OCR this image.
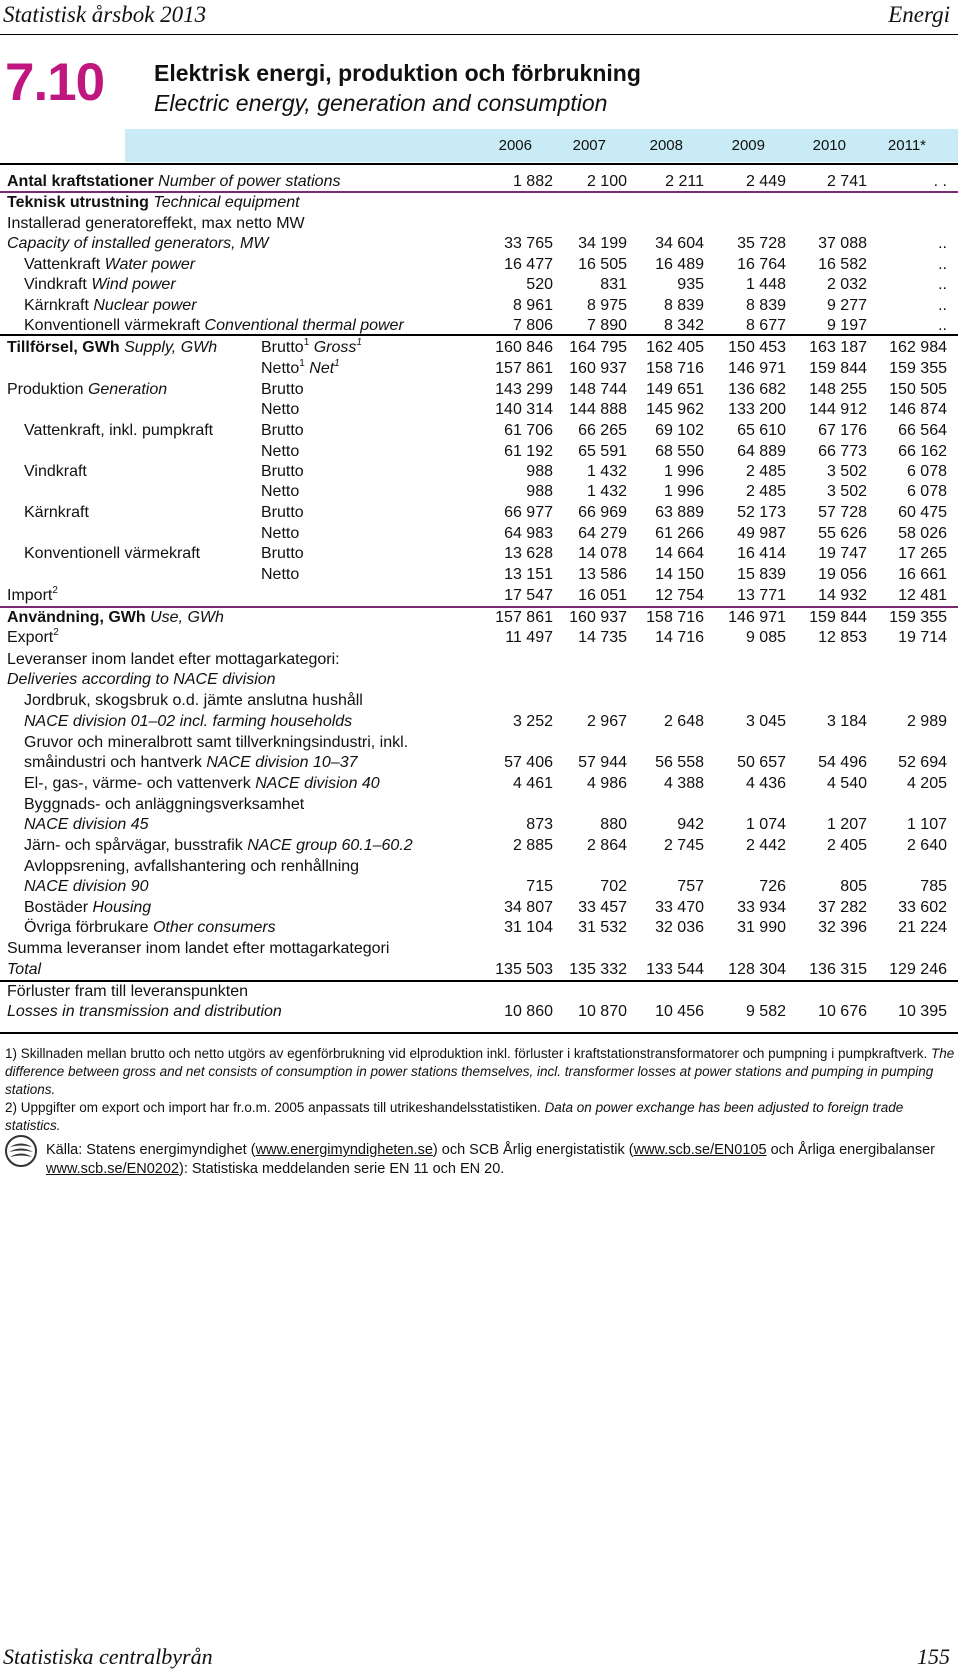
Statistisk årsbok 2013	Energi
7.10 Elektrisk energi, produktion och förbrukning
Electric energy, generation and consumption
2006	2007	2008	2009	2010	2011*
Antal kraftstationer Number of power stations	1 882	2 100	2 211	2 449	2 741	. .
Teknisk utrustning Technical equipment
Installerad generatoreffekt, max netto MW
Capacity of installed generators, MW	33 765	34 199	34 604	35 728	37 088	..
Vattenkraft Water power	16 477	16 505	16 489	16 764	16 582	..
Vindkraft Wind power	520	831	935	1 448	2 032	..
Kärnkraft Nuclear power	8 961	8 975	8 839	8 839	9 277	..
Konventionell värmekraft Conventional thermal power	7 806	7 890	8 342	8 677	9 197	..
Tillförsel, GWh Supply, GWh	Brutto$^1$ Gross$^1$	160 846	164 795	162 405	150 453	163 187	162 984
Netto$^1$ Net$^1$	157 861	160 937	158 716	146 971	159 844	159 355
Produktion Generation	Brutto	143 299	148 744	149 651	136 682	148 255	150 505
Netto	140 314	144 888	145 962	133 200	144 912	146 874
Vattenkraft, inkl. pumpkraft	Brutto	61 706	66 265	69 102	65 610	67 176	66 564
Netto	61 192	65 591	68 550	64 889	66 773	66 162
Vindkraft	Brutto	988	1 432	1 996	2 485	3 502	6 078
Netto	988	1 432	1 996	2 485	3 502	6 078
Kärnkraft	Brutto	66 977	66 969	63 889	52 173	57 728	60 475
Netto	64 983	64 279	61 266	49 987	55 626	58 026
Konventionell värmekraft	Brutto	13 628	14 078	14 664	16 414	19 747	17 265
Netto	13 151	13 586	14 150	15 839	19 056	16 661
Import$^2$	17 547	16 051	12 754	13 771	14 932	12 481
Användning, GWh Use, GWh	157 861	160 937	158 716	146 971	159 844	159 355
Export$^2$	11 497	14 735	14 716	9 085	12 853	19 714
Leveranser inom landet efter mottagarkategori:
Deliveries according to NACE division
Jordbruk, skogsbruk o.d. jämte anslutna hushåll
NACE division 01–02 incl. farming households	3 252	2 967	2 648	3 045	3 184	2 989
Gruvor och mineralbrott samt tillverkningsindustri, inkl.
småindustri och hantverk NACE division 10–37	57 406	57 944	56 558	50 657	54 496	52 694
El-, gas-, värme- och vattenverk NACE division 40	4 461	4 986	4 388	4 436	4 540	4 205
Byggnads- och anläggningsverksamhet
NACE division 45	873	880	942	1 074	1 207	1 107
Järn- och spårvägar, busstrafik NACE group 60.1–60.2	2 885	2 864	2 745	2 442	2 405	2 640
Avloppsrening, avfallshantering och renhållning
NACE division 90	715	702	757	726	805	785
Bostäder Housing	34 807	33 457	33 470	33 934	37 282	33 602
Övriga förbrukare Other consumers	31 104	31 532	32 036	31 990	32 396	21 224
Summa leveranser inom landet efter mottagarkategori
Total	135 503	135 332	133 544	128 304	136 315	129 246
Förluster fram till leveranspunkten
Losses in transmission and distribution	10 860	10 870	10 456	9 582	10 676	10 395
1) Skillnaden mellan brutto och netto utgörs av egenförbrukning vid elproduktion inkl. förluster i kraftstationstransformatorer och pumpning i pumpkraftverk. The difference between gross and net consists of consumption in power stations themselves, incl. transformer losses at power stations and pumping in pumping stations.
2) Uppgifter om export och import har fr.o.m. 2005 anpassats till utrikeshandelsstatistiken. Data on power exchange has been adjusted to foreign trade statistics.
Källa: Statens energimyndighet (www.energimyndigheten.se) och SCB Årlig energistatistik (www.scb.se/EN0105 och Årliga energibalanser www.scb.se/EN0202): Statistiska meddelanden serie EN 11 och EN 20.
Statistiska centralbyrån	155
